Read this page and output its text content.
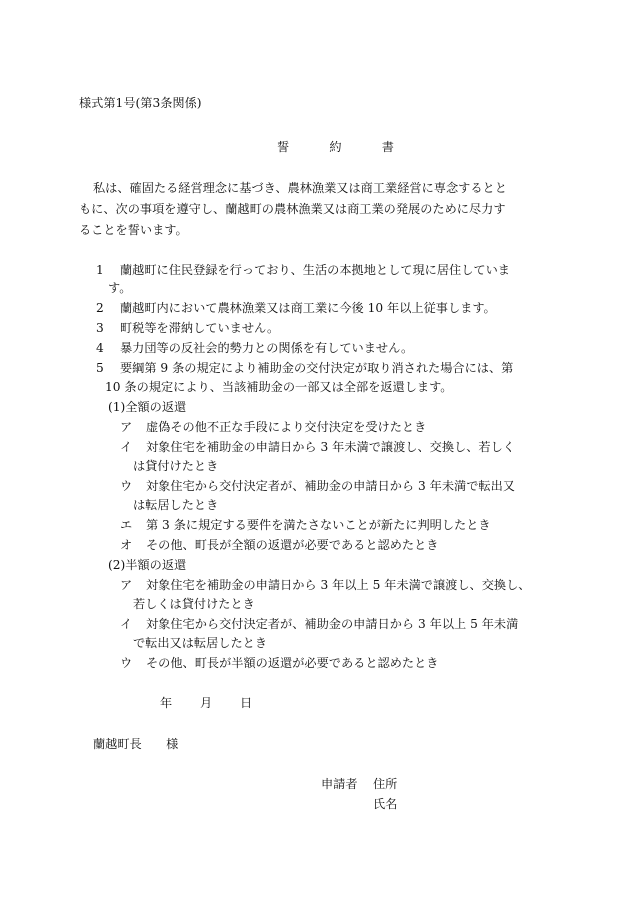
様式第1号(第3条関係)
誓　約　書
私は、確固たる経営理念に基づき、農林漁業又は商工業経営に専念するとと
もに、次の事項を遵守し、蘭越町の農林漁業又は商工業の発展のために尽力す
ることを誓います。
1 蘭越町に住民登録を行っており、生活の本拠地として現に居住していま
す。
2 蘭越町内において農林漁業又は商工業に今後 10 年以上従事します。
3 町税等を滞納していません。
4 暴力団等の反社会的勢力との関係を有していません。
5 要綱第 9 条の規定により補助金の交付決定が取り消された場合には、第
10 条の規定により、当該補助金の一部又は全部を返還します。
(1)全額の返還
ア 虚偽その他不正な手段により交付決定を受けたとき
イ 対象住宅を補助金の申請日から 3 年未満で譲渡し、交換し、若しく
は貸付けたとき
ウ 対象住宅から交付決定者が、補助金の申請日から 3 年未満で転出又
は転居したとき
エ 第 3 条に規定する要件を満たさないことが新たに判明したとき
オ その他、町長が全額の返還が必要であると認めたとき
(2)半額の返還
ア 対象住宅を補助金の申請日から 3 年以上 5 年未満で譲渡し、交換し、
若しくは貸付けたとき
イ 対象住宅から交付決定者が、補助金の申請日から 3 年以上 5 年未満
で転出又は転居したとき
ウ その他、町長が半額の返還が必要であると認めたとき
年 月 日
蘭越町長　　様
申請者 住所
氏名
